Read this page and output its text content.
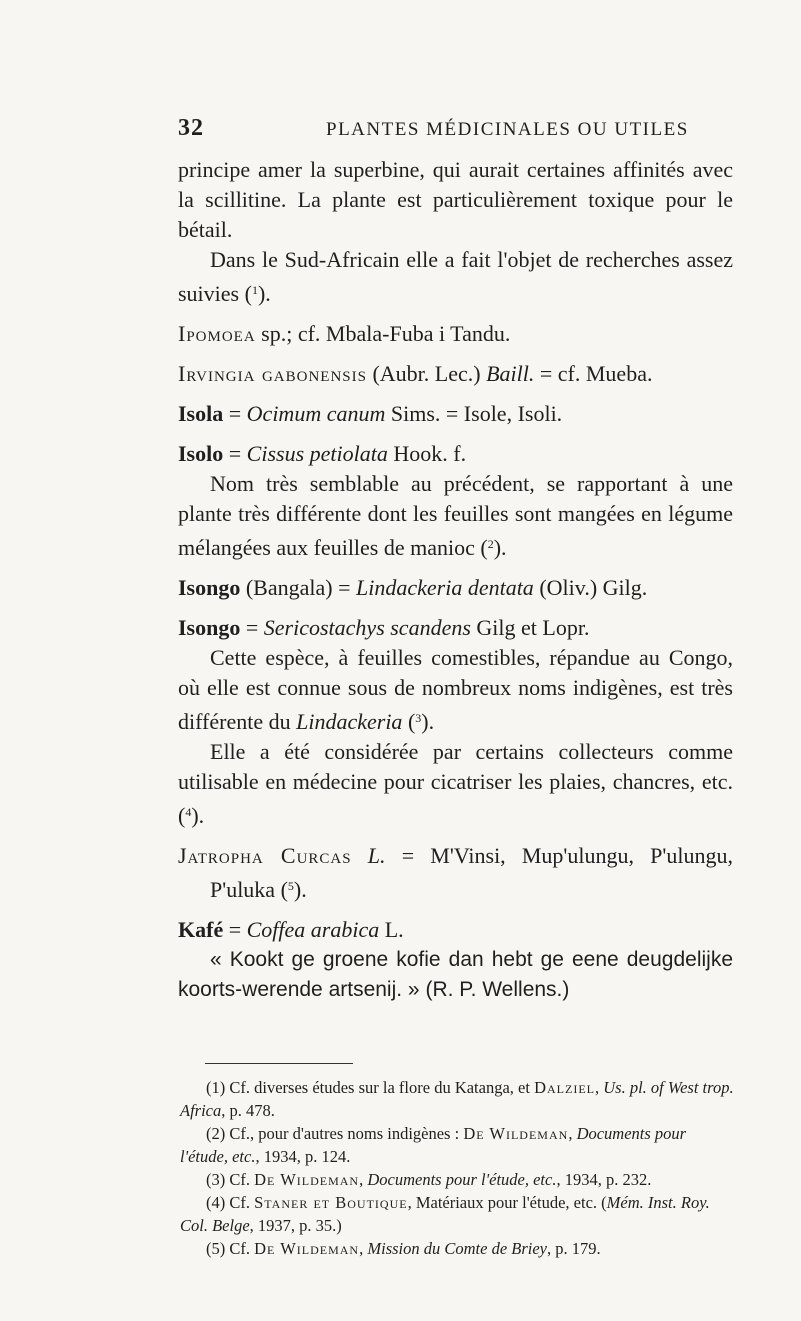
32	PLANTES MÉDICINALES OU UTILES

principe amer la superbine, qui aurait certaines affinités avec la scillitine. La plante est particulièrement toxique pour le bétail.

Dans le Sud-Africain elle a fait l'objet de recherches assez suivies ($^1$).

Ipomoea sp.; cf. Mbala-Fuba i Tandu.

Irvingia gabonensis (Aubr. Lec.) Baill. = cf. Mueba.

Isola = Ocimum canum Sims. = Isole, Isoli.

Isolo = Cissus petiolata Hook. f.

Nom très semblable au précédent, se rapportant à une plante très différente dont les feuilles sont mangées en légume mélangées aux feuilles de manioc ($^2$).

Isongo (Bangala) = Lindackeria dentata (Oliv.) Gilg.

Isongo = Sericostachys scandens Gilg et Lopr.

Cette espèce, à feuilles comestibles, répandue au Congo, où elle est connue sous de nombreux noms indigènes, est très différente du Lindackeria ($^3$).

Elle a été considérée par certains collecteurs comme utilisable en médecine pour cicatriser les plaies, chancres, etc. ($^4$).

Jatropha Curcas L. = M'Vinsi, Mup'ulungu, P'ulungu, P'uluka ($^5$).

Kafé = Coffea arabica L.

« Kookt ge groene kofie dan hebt ge eene deugdelijke koorts-werende artsenij. » (R. P. Wellens.)

(1) Cf. diverses études sur la flore du Katanga, et Dalziel, Us. pl. of West trop. Africa, p. 478.

(2) Cf., pour d'autres noms indigènes : De Wildeman, Documents pour l'étude, etc., 1934, p. 124.

(3) Cf. De Wildeman, Documents pour l'étude, etc., 1934, p. 232.

(4) Cf. Staner et Boutique, Matériaux pour l'étude, etc. (Mém. Inst. Roy. Col. Belge, 1937, p. 35.)

(5) Cf. De Wildeman, Mission du Comte de Briey, p. 179.
